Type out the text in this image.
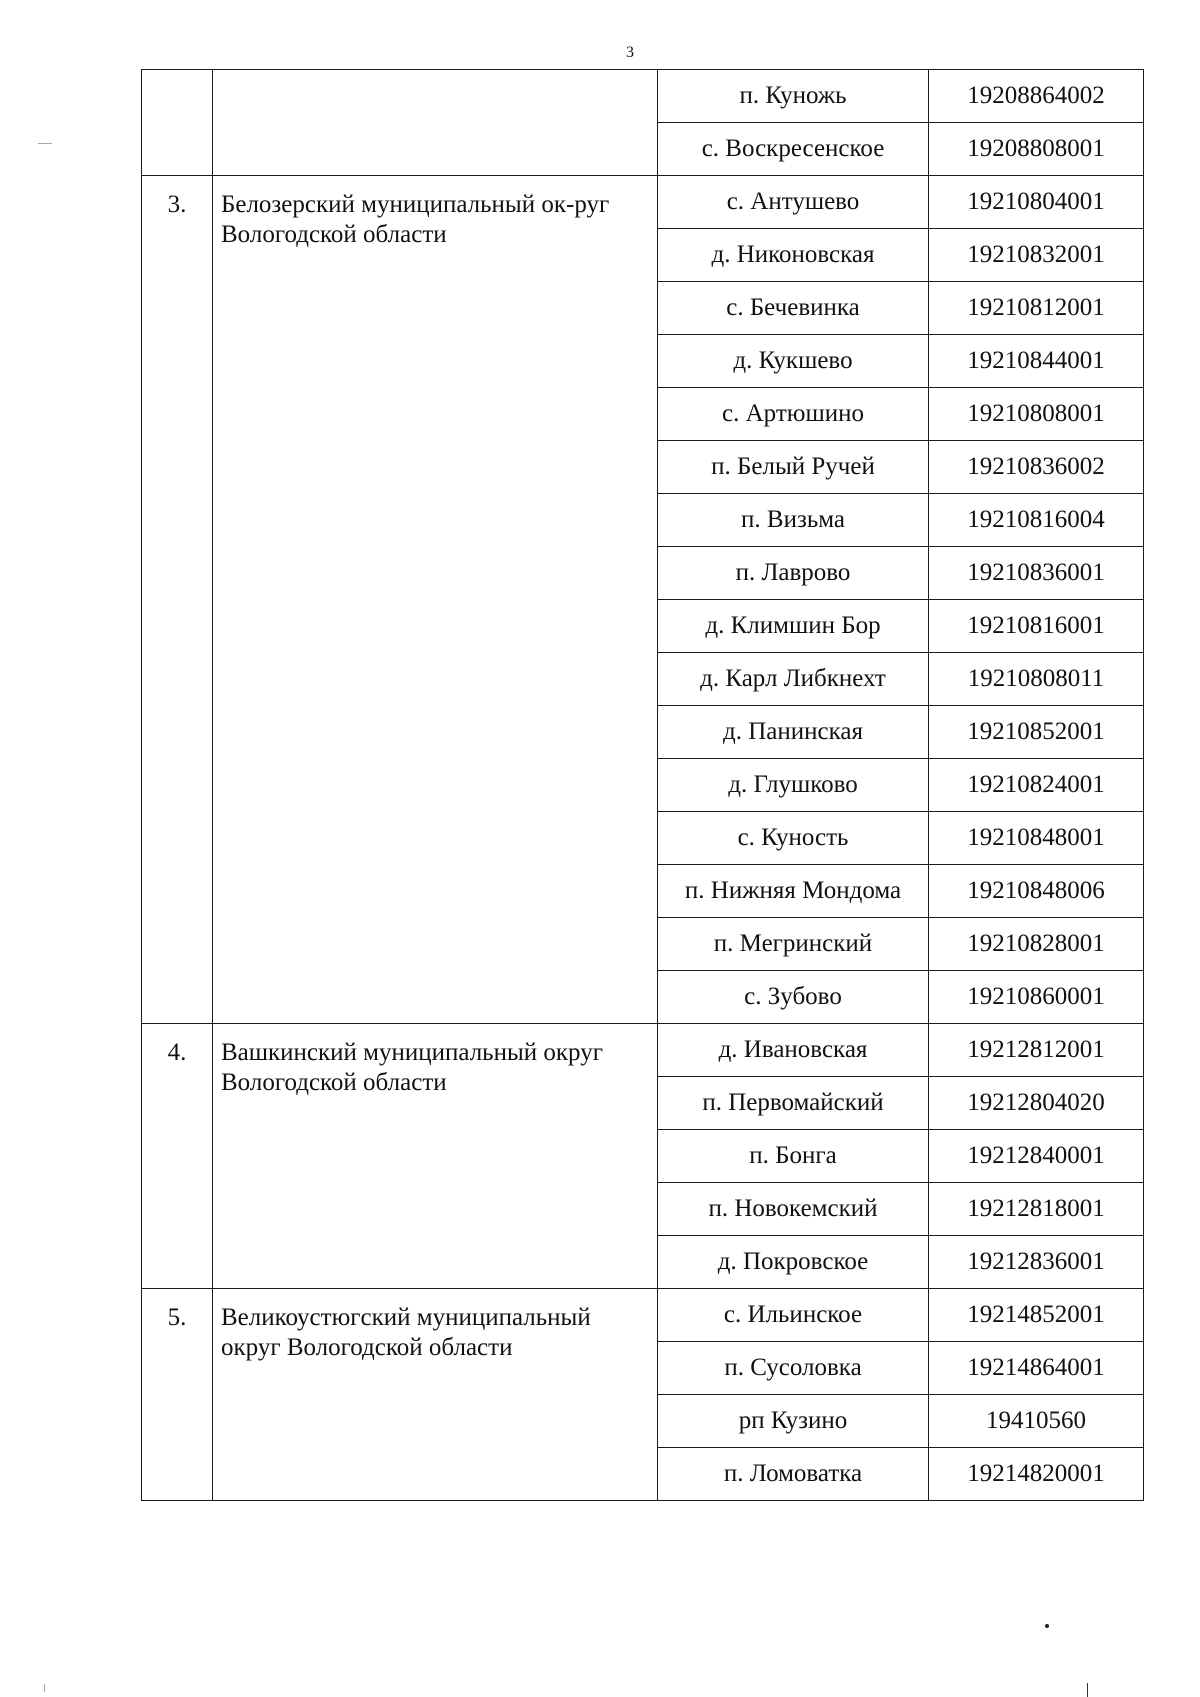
3
		п. Куножь	19208864002
		с. Воскресенское	19208808001
3.	Белозерский муниципальный ок-руг Вологодской области	с. Антушево	19210804001
		д. Никоновская	19210832001
		с. Бечевинка	19210812001
		д. Кукшево	19210844001
		с. Артюшино	19210808001
		п. Белый Ручей	19210836002
		п. Визьма	19210816004
		п. Лаврово	19210836001
		д. Климшин Бор	19210816001
		д. Карл Либкнехт	19210808011
		д. Панинская	19210852001
		д. Глушково	19210824001
		с. Куность	19210848001
		п. Нижняя Мондома	19210848006
		п. Мегринский	19210828001
		с. Зубово	19210860001
4.	Вашкинский муниципальный округ Вологодской области	д. Ивановская	19212812001
		п. Первомайский	19212804020
		п. Бонга	19212840001
		п. Новокемский	19212818001
		д. Покровское	19212836001
5.	Великоустюгский муниципальный округ Вологодской области	с. Ильинское	19214852001
		п. Сусоловка	19214864001
		рп Кузино	19410560
		п. Ломоватка	19214820001
